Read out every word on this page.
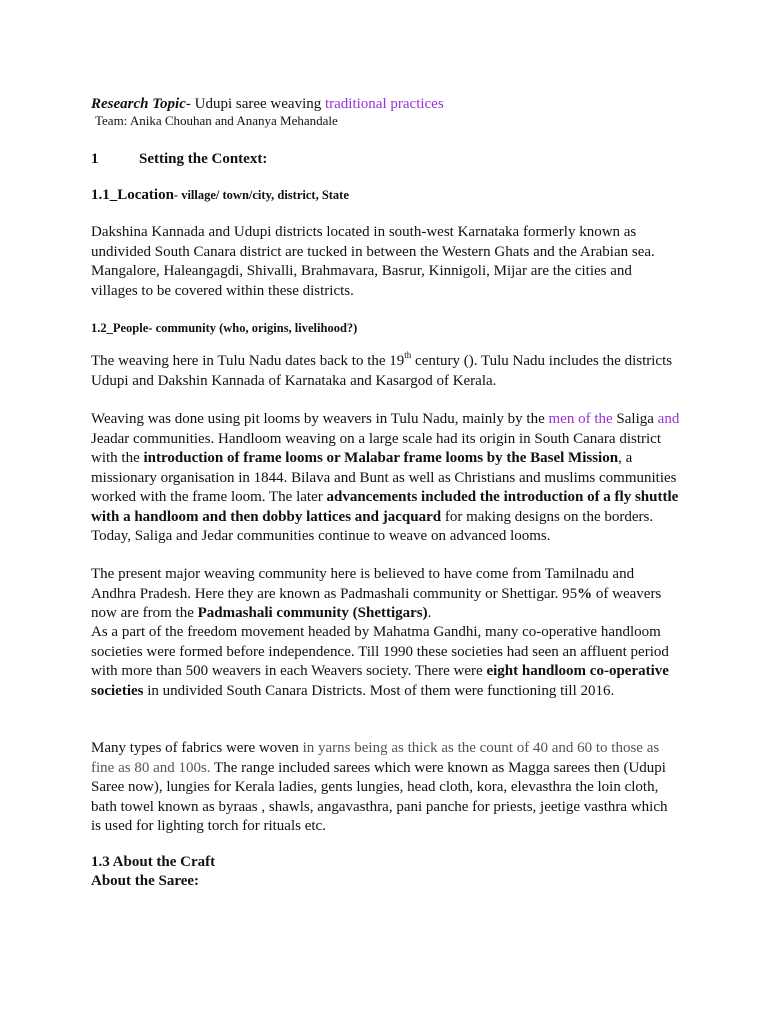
Research Topic- Udupi saree weaving traditional practices
Team: Anika Chouhan and Ananya Mehandale
1	Setting the Context:
1.1_Location- village/ town/city, district, State
Dakshina Kannada and Udupi districts located in south-west Karnataka formerly known as undivided South Canara district are tucked in between the Western Ghats and the Arabian sea. Mangalore, Haleangagdi, Shivalli, Brahmavara, Basrur, Kinnigoli, Mijar are the cities and villages to be covered within these districts.
1.2_People- community (who, origins, livelihood?)
The weaving here in Tulu Nadu dates back to the 19th century (). Tulu Nadu includes the districts Udupi and Dakshin Kannada of Karnataka and Kasargod of Kerala.
Weaving was done using pit looms by weavers in Tulu Nadu, mainly by the men of the Saliga and Jeadar communities. Handloom weaving on a large scale had its origin in South Canara district with the introduction of frame looms or Malabar frame looms by the Basel Mission, a missionary organisation in 1844. Bilava and Bunt as well as Christians and muslims communities worked with the frame loom. The later advancements included the introduction of a fly shuttle with a handloom and then dobby lattices and jacquard for making designs on the borders. Today, Saliga and Jedar communities continue to weave on advanced looms.
The present major weaving community here is believed to have come from Tamilnadu and Andhra Pradesh. Here they are known as Padmashali community or Shettigar. 95% of weavers now are from the Padmashali community (Shettigars).
As a part of the freedom movement headed by Mahatma Gandhi, many co-operative handloom societies were formed before independence. Till 1990 these societies had seen an affluent period with more than 500 weavers in each Weavers society. There were eight handloom co-operative societies in undivided South Canara Districts. Most of them were functioning till 2016.
Many types of fabrics were woven in yarns being as thick as the count of 40 and 60 to those as fine as 80 and 100s. The range included sarees which were known as Magga sarees then (Udupi Saree now), lungies for Kerala ladies, gents lungies, head cloth, kora, elevasthra the loin cloth, bath towel known as byraas , shawls, angavasthra, pani panche for priests, jeetige vasthra which is used for lighting torch for rituals etc.
1.3 About the Craft
About the Saree:
